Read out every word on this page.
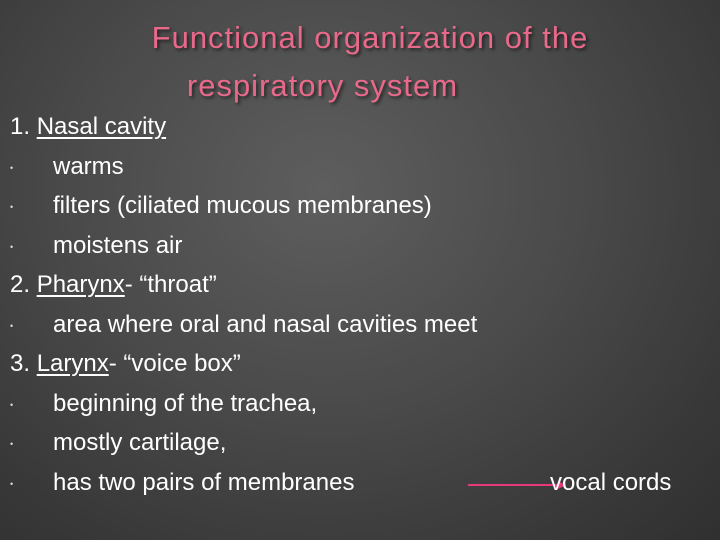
Functional organization of the
respiratory system
1. Nasal cavity
• warms
• filters (ciliated mucous membranes)
• moistens air
2. Pharynx- “throat”
• area where oral and nasal cavities meet
3. Larynx- “voice box”
• beginning of the trachea,
• mostly cartilage,
• has two pairs of membranes	vocal cords
